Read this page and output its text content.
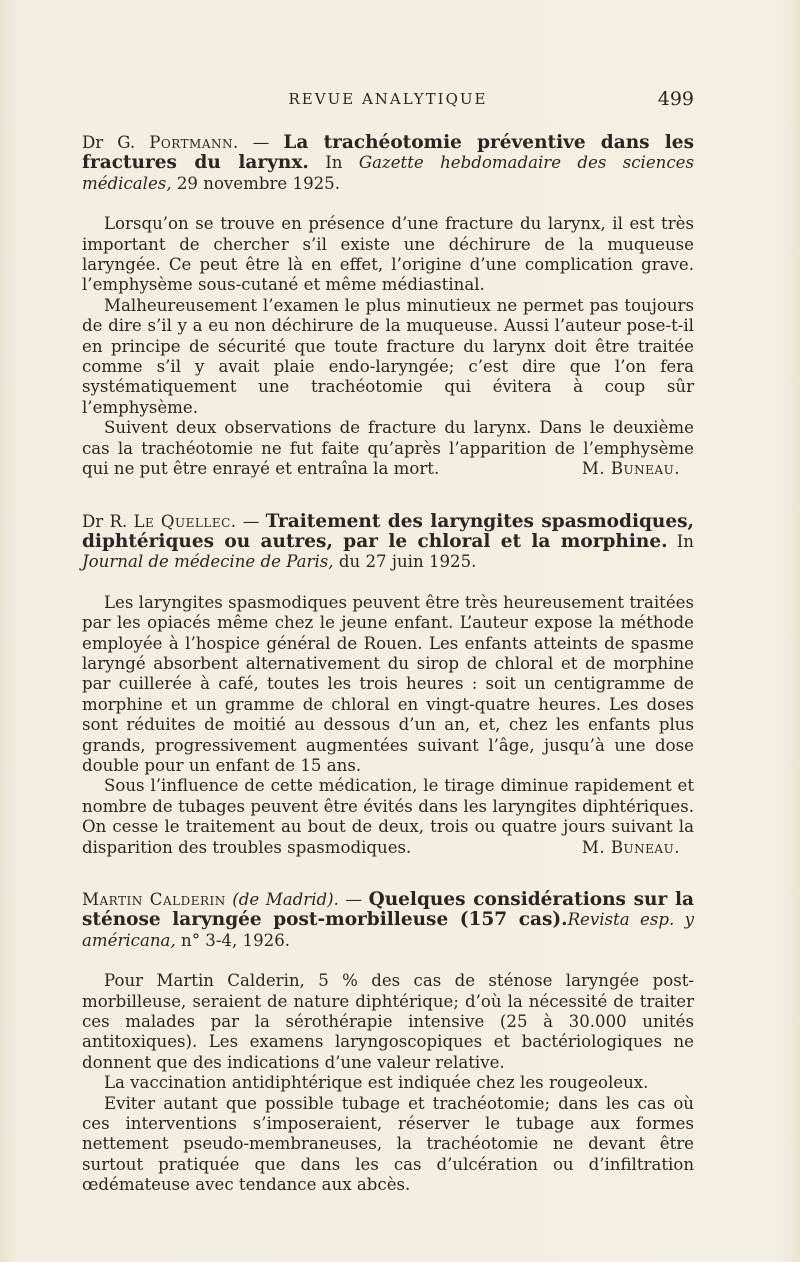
REVUE ANALYTIQUE	499

Dr G. Portmann. — La trachéotomie préventive dans les fractures du larynx. In Gazette hebdomadaire des sciences médicales, 29 novembre 1925.

Lorsqu’on se trouve en présence d’une fracture du larynx, il est très important de chercher s’il existe une déchirure de la muqueuse laryngée. Ce peut être là en effet, l’origine d’une complication grave. l’emphysème sous-cutané et même médiastinal.

Malheureusement l’examen le plus minutieux ne permet pas toujours de dire s’il y a eu non déchirure de la muqueuse. Aussi l’auteur pose-t-il en principe de sécurité que toute fracture du larynx doit être traitée comme s’il y avait plaie endo-laryngée; c’est dire que l’on fera systématiquement une trachéotomie qui évitera à coup sûr l’emphysème.

Suivent deux observations de fracture du larynx. Dans le deuxième cas la trachéotomie ne fut faite qu’après l’apparition de l’emphysème qui ne put être enrayé et entraîna la mort.	M. Buneau.

Dr R. Le Quellec. — Traitement des laryngites spasmodiques, diphtériques ou autres, par le chloral et la morphine. In Journal de médecine de Paris, du 27 juin 1925.

Les laryngites spasmodiques peuvent être très heureusement traitées par les opiacés même chez le jeune enfant. L’auteur expose la méthode employée à l’hospice général de Rouen. Les enfants atteints de spasme laryngé absorbent alternativement du sirop de chloral et de morphine par cuillerée à café, toutes les trois heures : soit un centigramme de morphine et un gramme de chloral en vingt-quatre heures. Les doses sont réduites de moitié au dessous d’un an, et, chez les enfants plus grands, progressivement augmentées suivant l’âge, jusqu’à une dose double pour un enfant de 15 ans.

Sous l’influence de cette médication, le tirage diminue rapidement et nombre de tubages peuvent être évités dans les laryngites diphtériques. On cesse le traitement au bout de deux, trois ou quatre jours suivant la disparition des troubles spasmodiques.	M. Buneau.

Martin Calderin (de Madrid). — Quelques considérations sur la sténose laryngée post-morbilleuse (157 cas).Revista esp. y américana, n° 3-4, 1926.

Pour Martin Calderin, 5 % des cas de sténose laryngée post-morbilleuse, seraient de nature diphtérique; d’où la nécessité de traiter ces malades par la sérothérapie intensive (25 à 30.000 unités antitoxiques). Les examens laryngoscopiques et bactériologiques ne donnent que des indications d’une valeur relative.

La vaccination antidiphtérique est indiquée chez les rougeoleux.

Eviter autant que possible tubage et trachéotomie; dans les cas où ces interventions s’imposeraient, réserver le tubage aux formes nettement pseudo-membraneuses, la trachéotomie ne devant être surtout pratiquée que dans les cas d’ulcération ou d’infiltration œdémateuse avec tendance aux abcès.
